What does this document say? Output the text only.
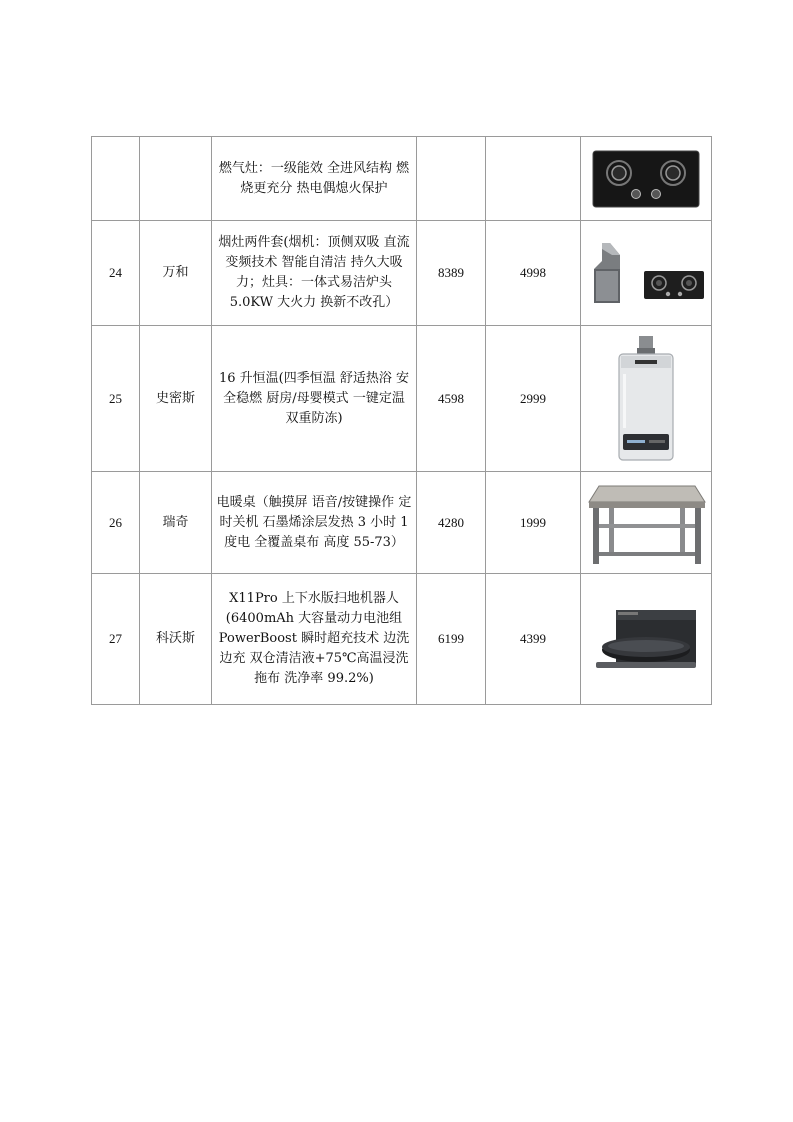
		燃气灶：一级能效 全进风结构 燃烧更充分 热电偶熄火保护			

24	万和	烟灶两件套(烟机：顶侧双吸 直流变频技术 智能自清洁 持久大吸力；灶具：一体式易洁炉头 5.0KW 大火力 换新不改孔）	8389	4998	

25	史密斯	16 升恒温(四季恒温 舒适热浴 安全稳燃 厨房/母婴模式 一键定温 双重防冻)	4598	2999	

26	瑞奇	电暖桌（触摸屏 语音/按键操作 定时关机 石墨烯涂层发热 3 小时 1 度电 全覆盖桌布 高度 55-73）	4280	1999	

27	科沃斯	X11Pro 上下水版扫地机器人(6400mAh 大容量动力电池组 PowerBoost 瞬时超充技术 边洗边充 双仓清洁液+75℃高温浸洗拖布 洗净率 99.2%)	6199	4399	
